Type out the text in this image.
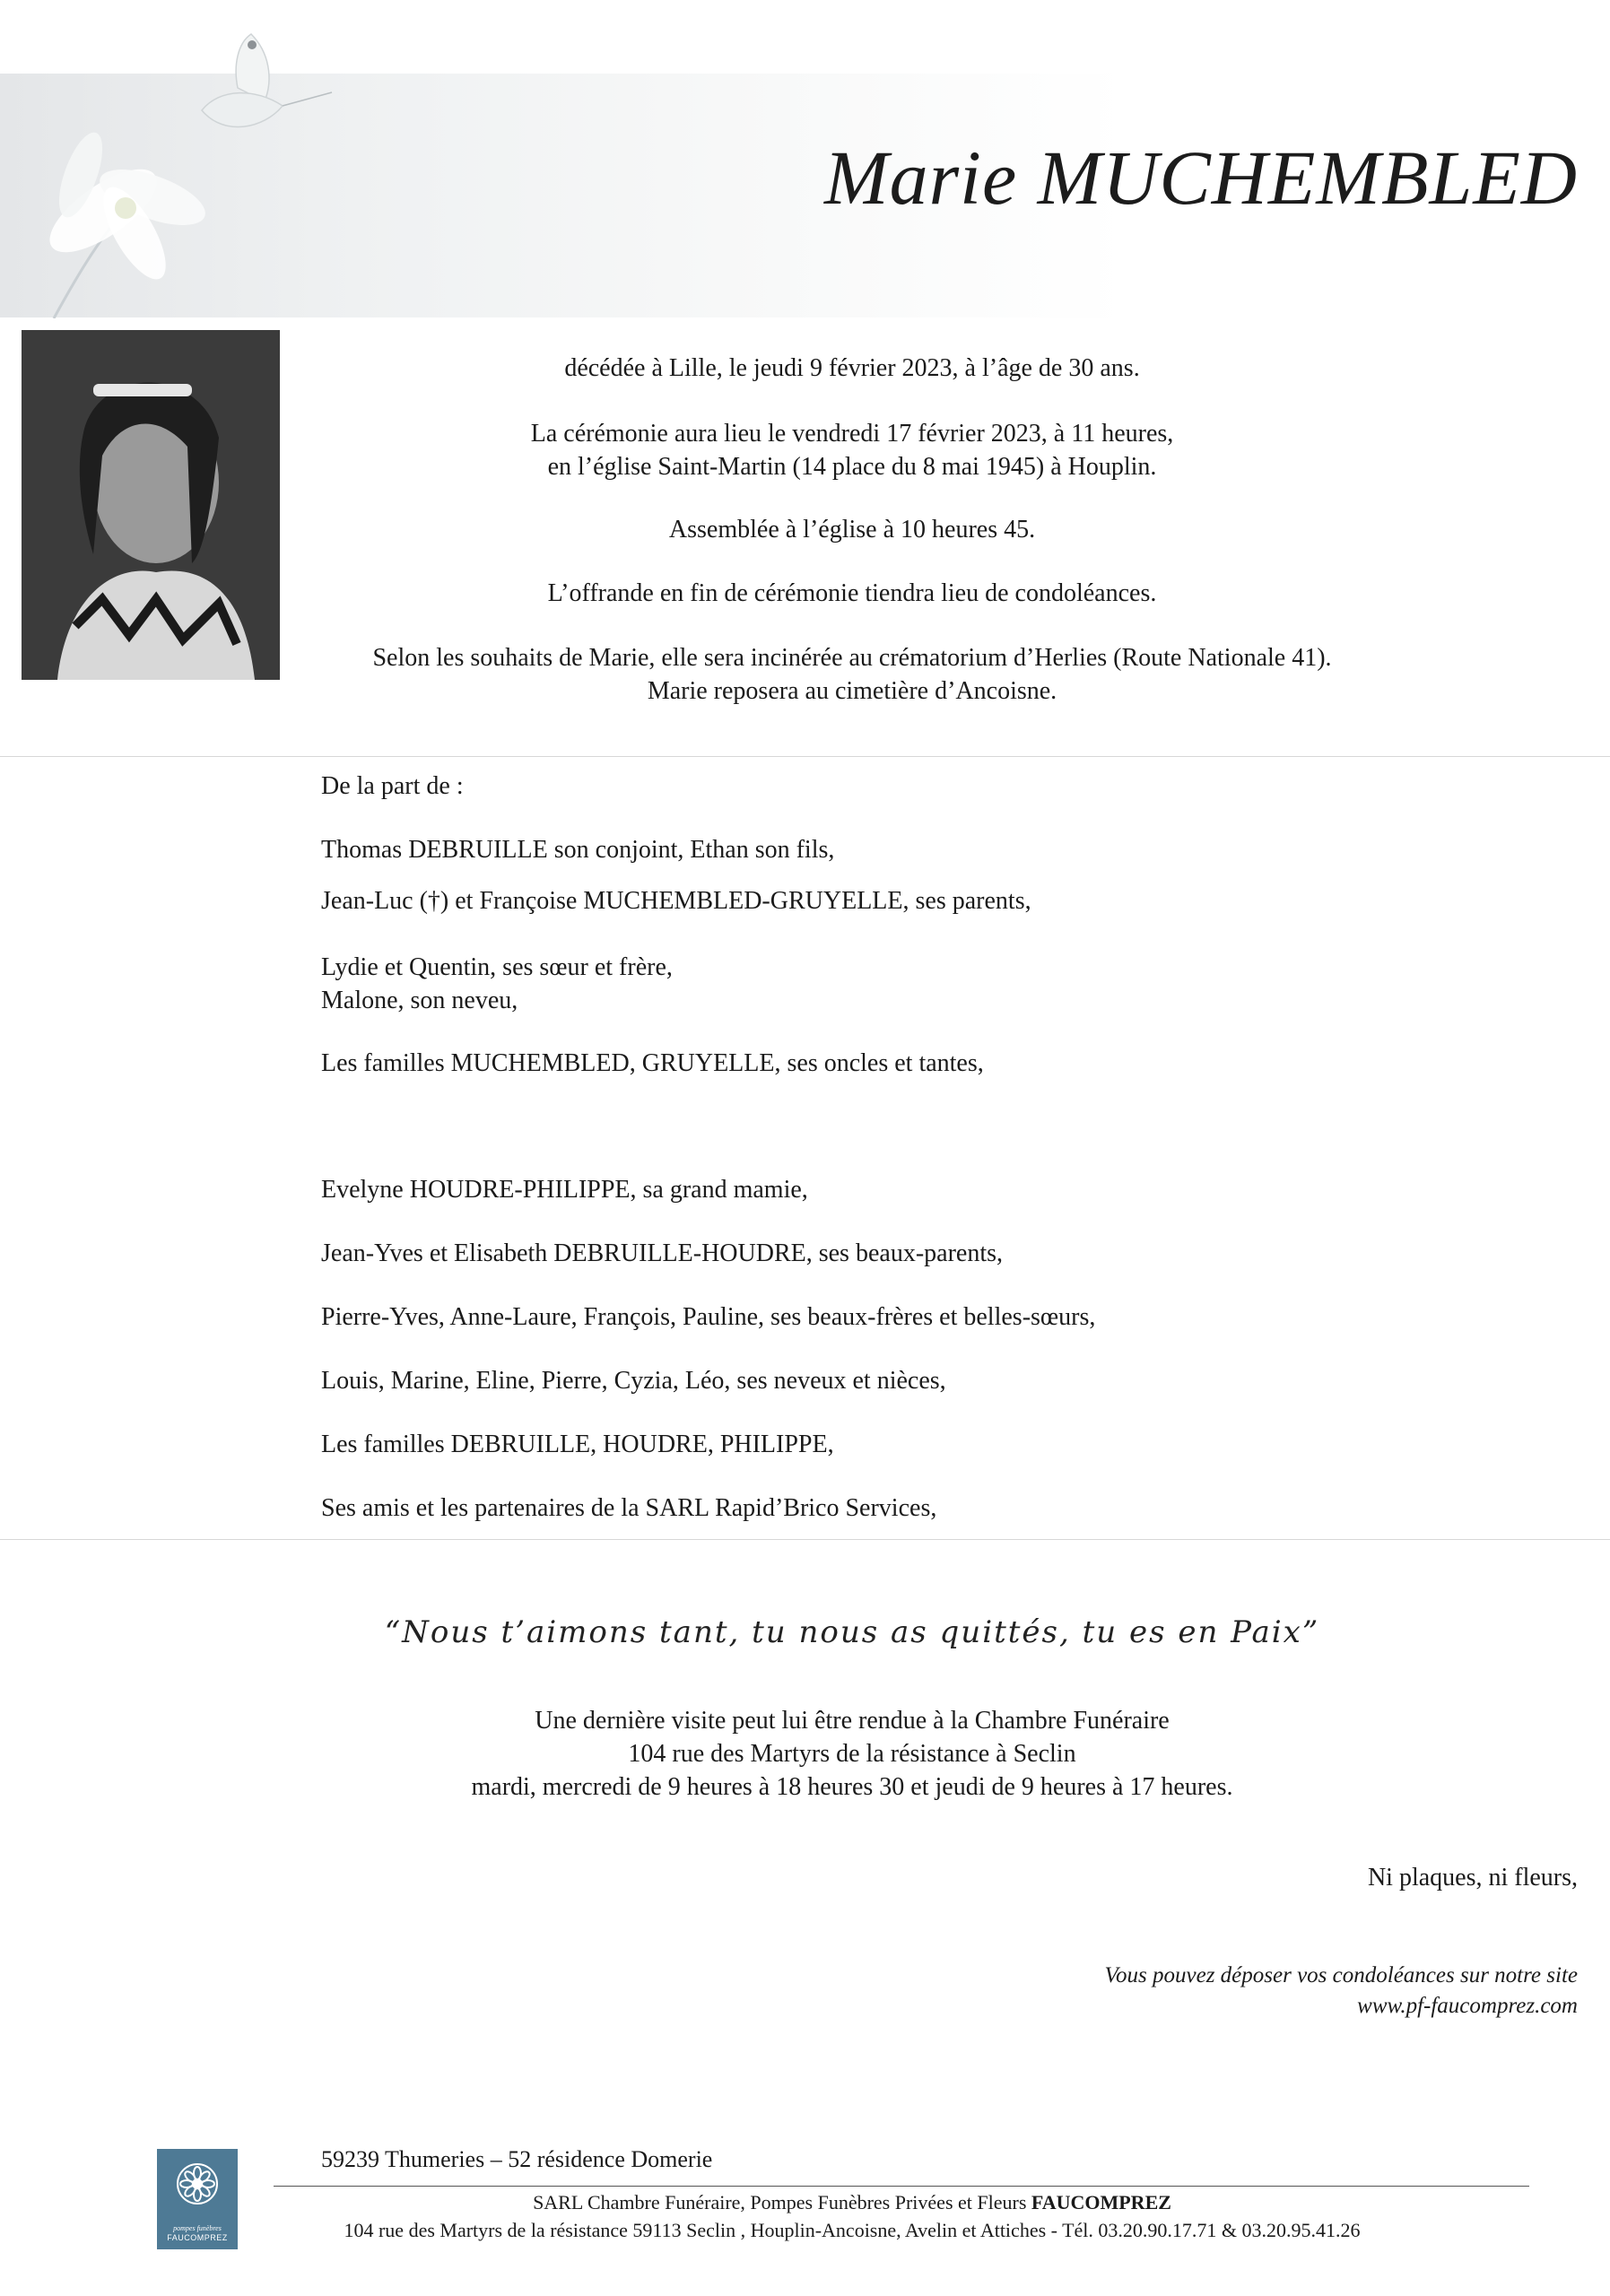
Marie MUCHEMBLED
décédée à Lille, le jeudi 9 février 2023, à l’âge de 30 ans.
La cérémonie aura lieu le vendredi 17 février 2023, à 11 heures,
en l’église Saint-Martin (14 place du 8 mai 1945) à Houplin.
Assemblée à l’église à 10 heures 45.
L’offrande en fin de cérémonie tiendra lieu de condoléances.
Selon les souhaits de Marie, elle sera incinérée au crématorium d’Herlies (Route Nationale 41).
Marie reposera au cimetière d’Ancoisne.
De la part de :
Thomas DEBRUILLE son conjoint, Ethan son fils,
Jean-Luc (†) et Françoise MUCHEMBLED-GRUYELLE, ses parents,
Lydie et Quentin, ses sœur et frère,
Malone, son neveu,
Les familles MUCHEMBLED, GRUYELLE, ses oncles et tantes,
Evelyne HOUDRE-PHILIPPE, sa grand mamie,
Jean-Yves et Elisabeth DEBRUILLE-HOUDRE, ses beaux-parents,
Pierre-Yves, Anne-Laure, François, Pauline, ses beaux-frères et belles-sœurs,
Louis, Marine, Eline, Pierre, Cyzia, Léo, ses neveux et nièces,
Les familles DEBRUILLE, HOUDRE, PHILIPPE,
Ses amis et les partenaires de la SARL Rapid’Brico Services,
“Nous t’aimons tant, tu nous as quittés, tu es en Paix”
Une dernière visite peut lui être rendue à la Chambre Funéraire
104 rue des Martyrs de la résistance à Seclin
mardi, mercredi de 9 heures à 18 heures 30 et jeudi de 9 heures à 17 heures.
Ni plaques, ni fleurs,
Vous pouvez déposer vos condoléances sur notre site
www.pf-faucomprez.com
pompes funèbres
FAUCOMPREZ
59239 Thumeries – 52 résidence Domerie
SARL Chambre Funéraire, Pompes Funèbres Privées et Fleurs FAUCOMPREZ
104 rue des Martyrs de la résistance 59113 Seclin , Houplin-Ancoisne, Avelin et Attiches - Tél. 03.20.90.17.71 & 03.20.95.41.26
